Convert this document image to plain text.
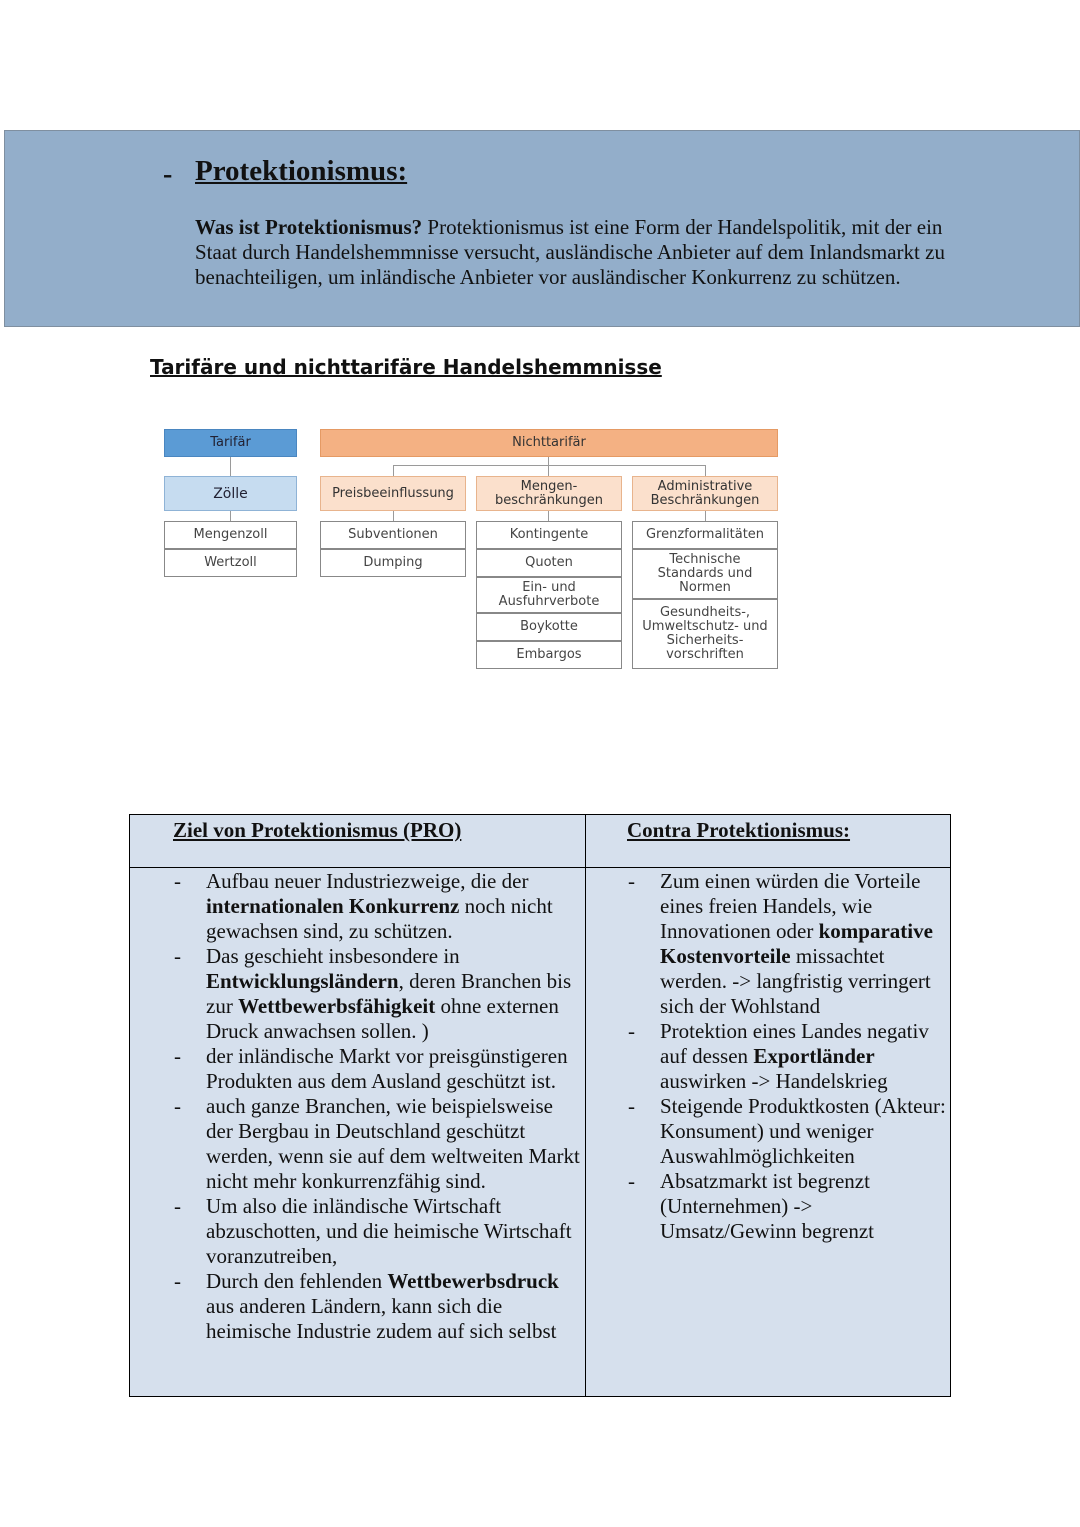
- Protektionismus:
Was ist Protektionismus? Protektionismus ist eine Form der Handelspolitik, mit der ein Staat durch Handelshemmnisse versucht, ausländische Anbieter auf dem Inlandsmarkt zu benachteiligen, um inländische Anbieter vor ausländischer Konkurrenz zu schützen.
Tarifäre und nichttarifäre Handelshemmnisse
Tarifär
Zölle
Mengenzoll
Wertzoll
Nichttarifär
Preisbeeinflussung
Subventionen
Dumping
Mengen-
beschränkungen
Kontingente
Quoten
Ein- und
Ausfuhrverbote
Boykotte
Embargos
Administrative
Beschränkungen
Grenzformalitäten
Technische
Standards und
Normen
Gesundheits-,
Umweltschutz- und
Sicherheits-
vorschriften
Ziel von Protektionismus (PRO)	Contra Protektionismus:
- Aufbau neuer Industriezweige, die der internationalen Konkurrenz noch nicht gewachsen sind, zu schützen.
- Das geschieht insbesondere in Entwicklungsländern, deren Branchen bis zur Wettbewerbsfähigkeit ohne externen Druck anwachsen sollen. )
- der inländische Markt vor preisgünstigeren Produkten aus dem Ausland geschützt ist.
- auch ganze Branchen, wie beispielsweise der Bergbau in Deutschland geschützt werden, wenn sie auf dem weltweiten Markt nicht mehr konkurrenzfähig sind.
- Um also die inländische Wirtschaft abzuschotten, und die heimische Wirtschaft voranzutreiben,
- Durch den fehlenden Wettbewerbsdruck aus anderen Ländern, kann sich die heimische Industrie zudem auf sich selbst
- Zum einen würden die Vorteile eines freien Handels, wie Innovationen oder komparative Kostenvorteile missachtet werden. -> langfristig verringert sich der Wohlstand
- Protektion eines Landes negativ auf dessen Exportländer auswirken -> Handelskrieg
- Steigende Produktkosten (Akteur: Konsument) und weniger Auswahlmöglichkeiten
- Absatzmarkt ist begrenzt (Unternehmen) -> Umsatz/Gewinn begrenzt
